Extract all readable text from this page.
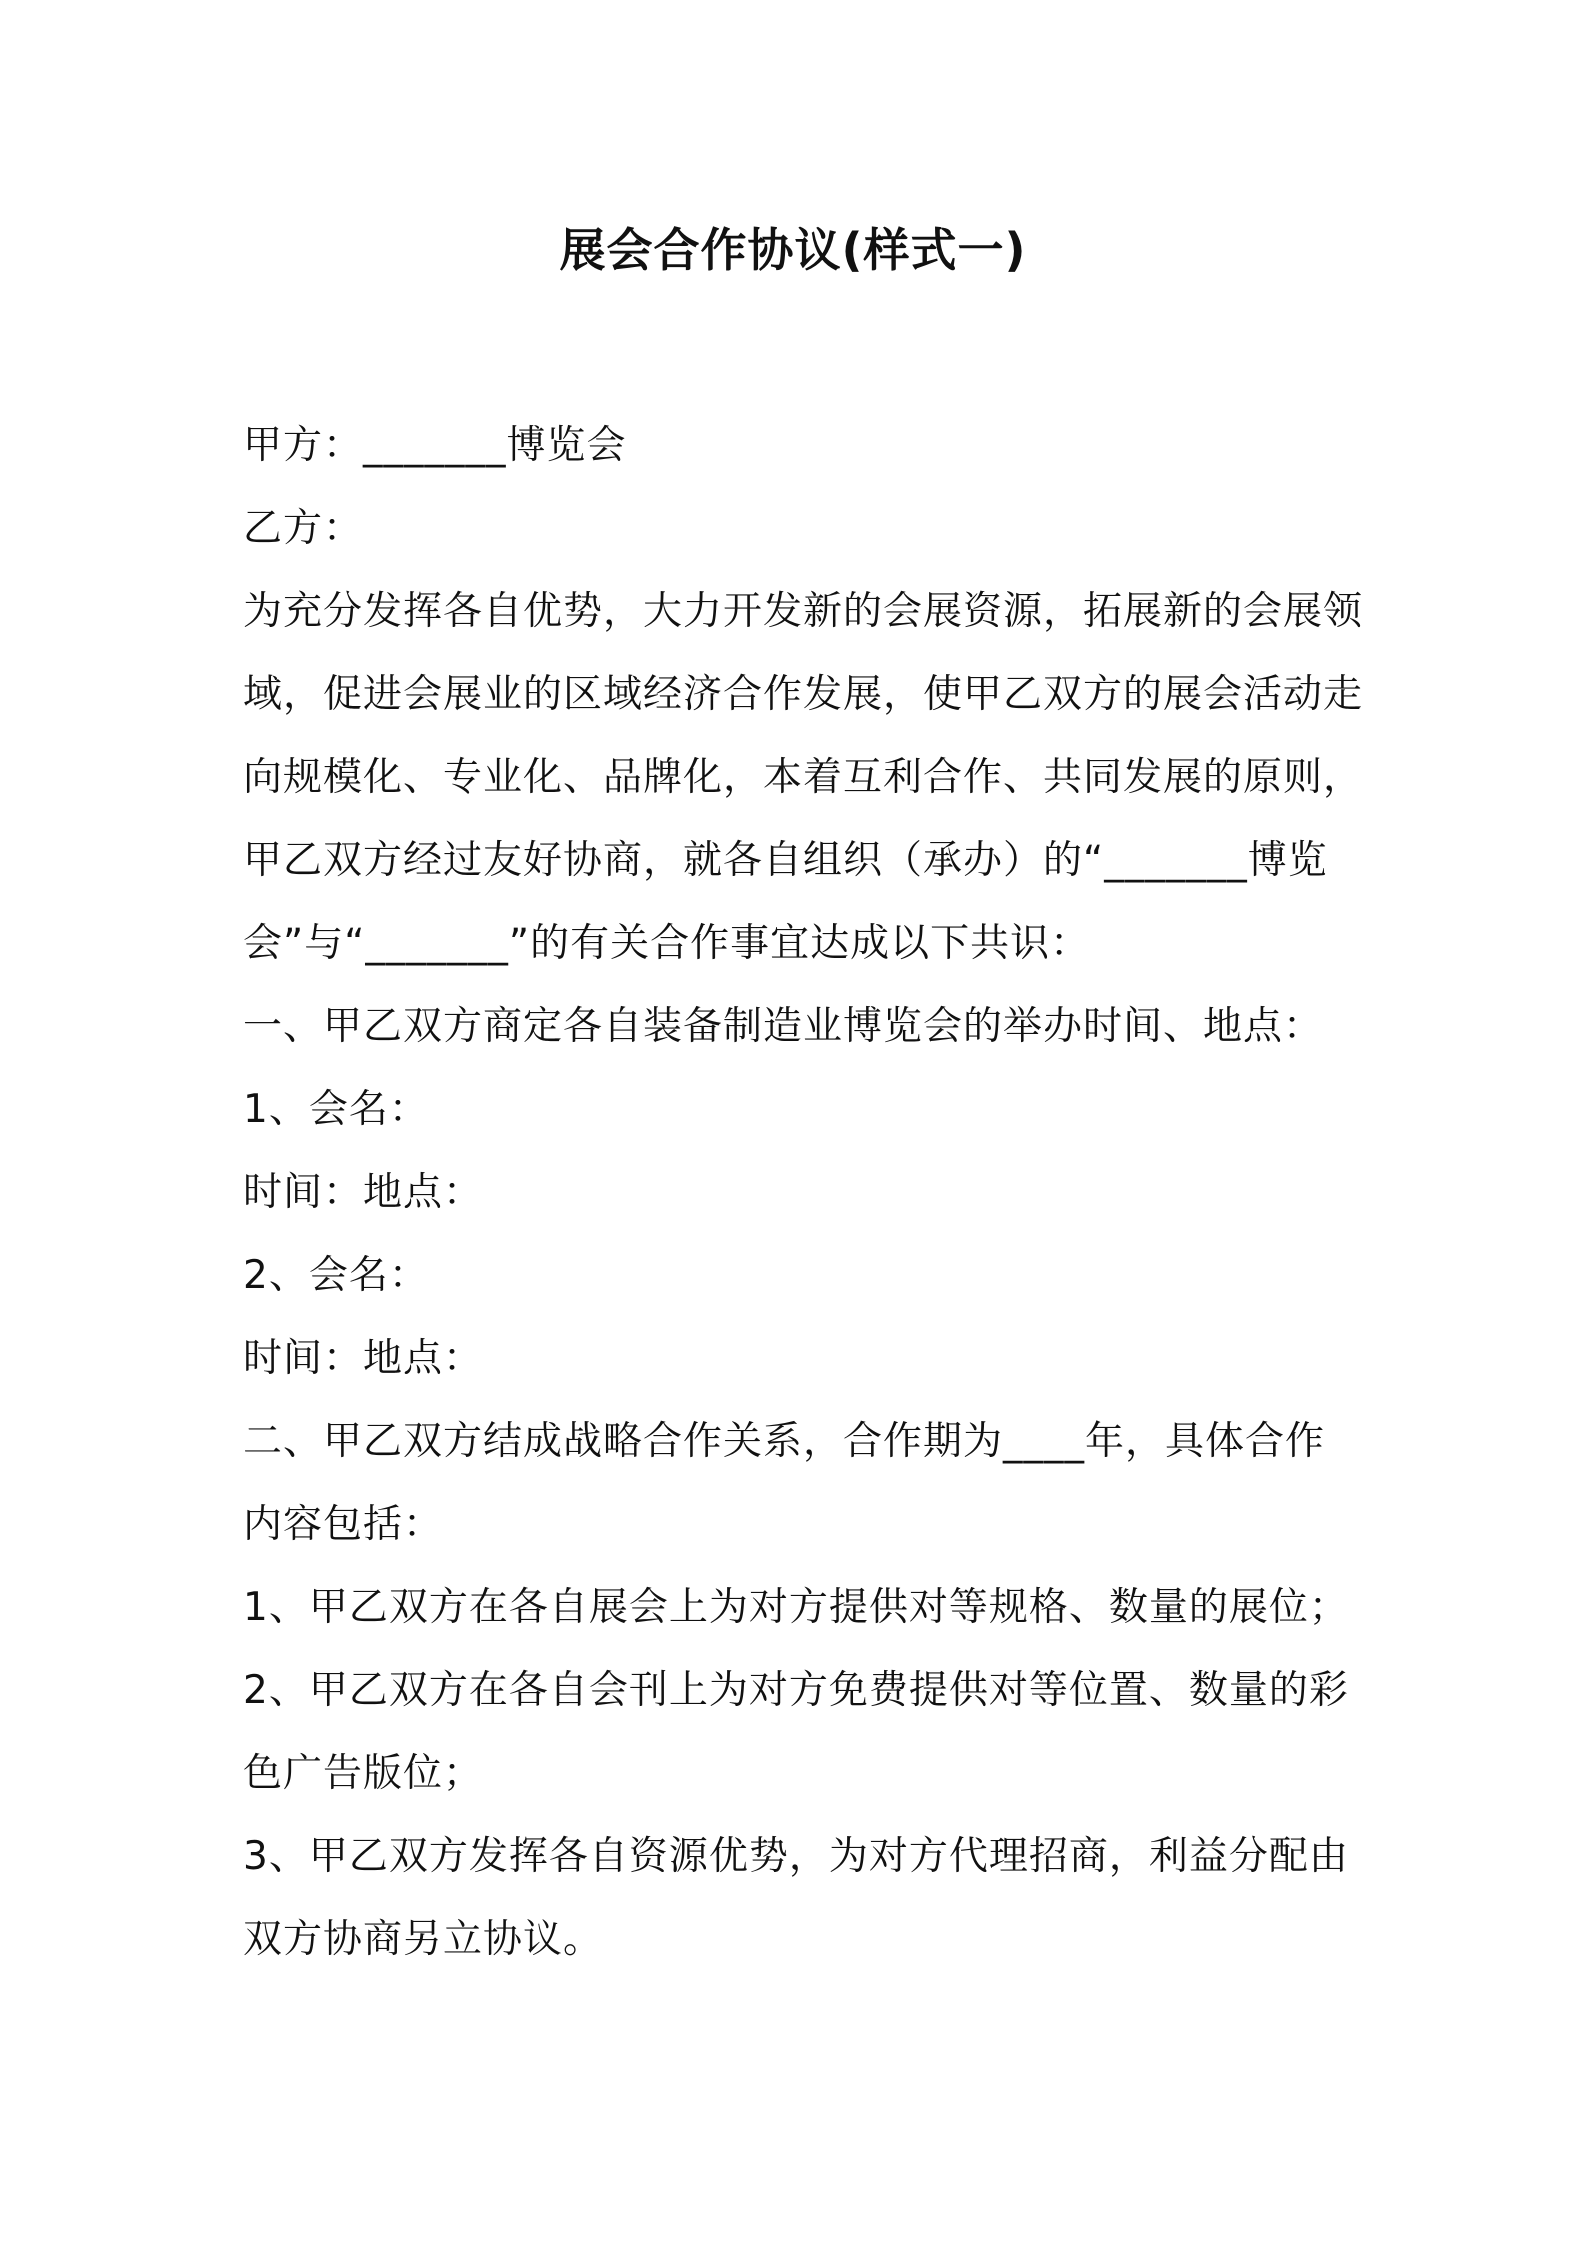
展会合作协议(样式一)

甲方：_______博览会

乙方：

为充分发挥各自优势，大力开发新的会展资源，拓展新的会展领

域，促进会展业的区域经济合作发展，使甲乙双方的展会活动走

向规模化、专业化、品牌化，本着互利合作、共同发展的原则，

甲乙双方经过友好协商，就各自组织（承办）的“_______博览

会”与“_______”的有关合作事宜达成以下共识：

一、甲乙双方商定各自装备制造业博览会的举办时间、地点：

1、会名：

时间：地点：

2、会名：

时间：地点：

二、甲乙双方结成战略合作关系，合作期为____年，具体合作

内容包括：

1、甲乙双方在各自展会上为对方提供对等规格、数量的展位；

2、甲乙双方在各自会刊上为对方免费提供对等位置、数量的彩

色广告版位；

3、甲乙双方发挥各自资源优势，为对方代理招商，利益分配由

双方协商另立协议。
